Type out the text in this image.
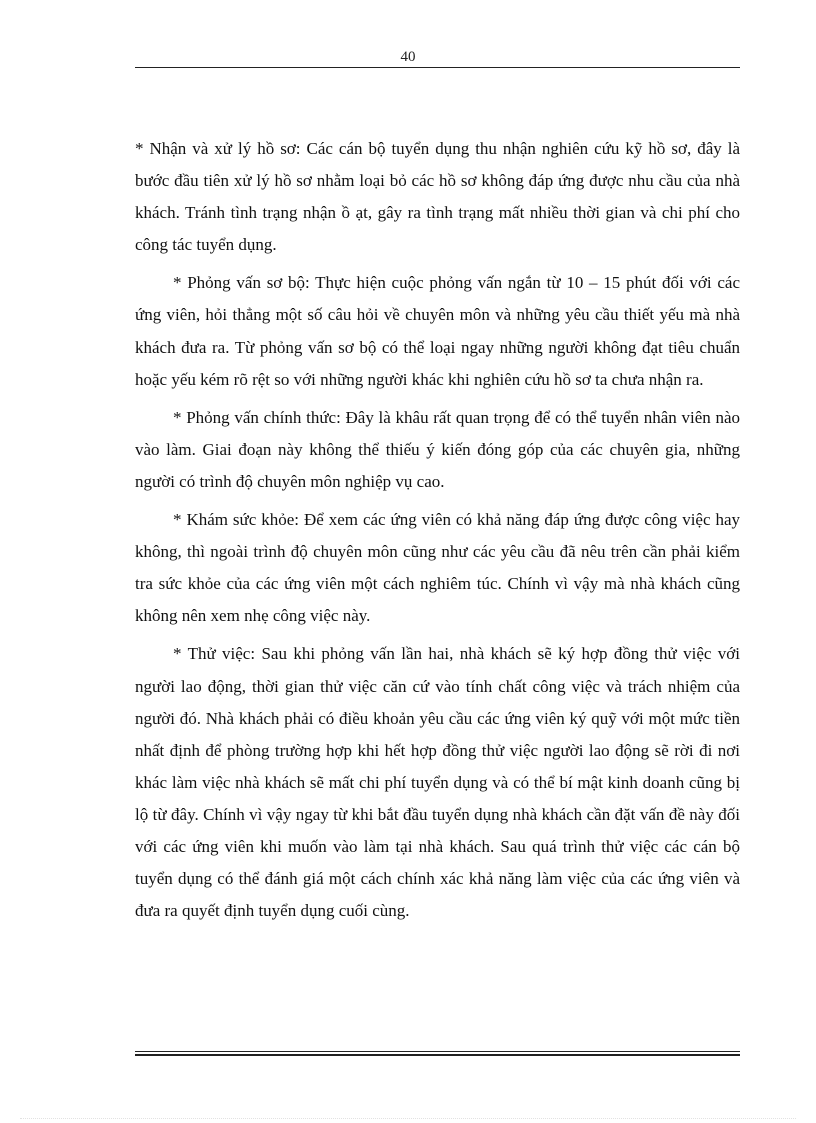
40

* Nhận và xử lý hồ sơ: Các cán bộ tuyển dụng thu nhận nghiên cứu kỹ hồ sơ, đây là bước đầu tiên xử lý hồ sơ nhằm loại bỏ các hồ sơ không đáp ứng được nhu cầu của nhà khách. Tránh tình trạng nhận ồ ạt, gây ra tình trạng mất nhiều thời gian và chi phí cho công tác tuyển dụng.

* Phỏng vấn sơ bộ: Thực hiện cuộc phỏng vấn ngắn từ 10 – 15 phút đối với các ứng viên, hỏi thẳng một số câu hỏi về chuyên môn và những yêu cầu thiết yếu mà nhà khách đưa ra. Từ phỏng vấn sơ bộ có thể loại ngay những người không đạt tiêu chuẩn hoặc yếu kém rõ rệt so với những người khác khi nghiên cứu hồ sơ ta chưa nhận ra.

* Phỏng vấn chính thức: Đây là khâu rất quan trọng để có thể tuyển nhân viên nào vào làm. Giai đoạn này không thể thiếu ý kiến đóng góp của các chuyên gia, những người có trình độ chuyên môn nghiệp vụ cao.

* Khám sức khỏe: Để xem các ứng viên có khả năng đáp ứng được công việc hay không, thì ngoài trình độ chuyên môn cũng như các yêu cầu đã nêu trên cần phải kiểm tra sức khỏe của các ứng viên một cách nghiêm túc. Chính vì vậy mà nhà khách cũng không nên xem nhẹ công việc này.

* Thử việc: Sau khi phỏng vấn lần hai, nhà khách sẽ ký hợp đồng thử việc với người lao động, thời gian thử việc căn cứ vào tính chất công việc và trách nhiệm của người đó. Nhà khách phải có điều khoản yêu cầu các ứng viên ký quỹ với một mức tiền nhất định để phòng trường hợp khi hết hợp đồng thử việc người lao động sẽ rời đi nơi khác làm việc nhà khách sẽ mất chi phí tuyển dụng và có thể bí mật kinh doanh cũng bị lộ từ đây. Chính vì vậy ngay từ khi bắt đầu tuyển dụng nhà khách cần đặt vấn đề này đối với các ứng viên khi muốn vào làm tại nhà khách. Sau quá trình thử việc các cán bộ tuyển dụng có thể đánh giá một cách chính xác khả năng làm việc của các ứng viên và đưa ra quyết định tuyển dụng cuối cùng.
